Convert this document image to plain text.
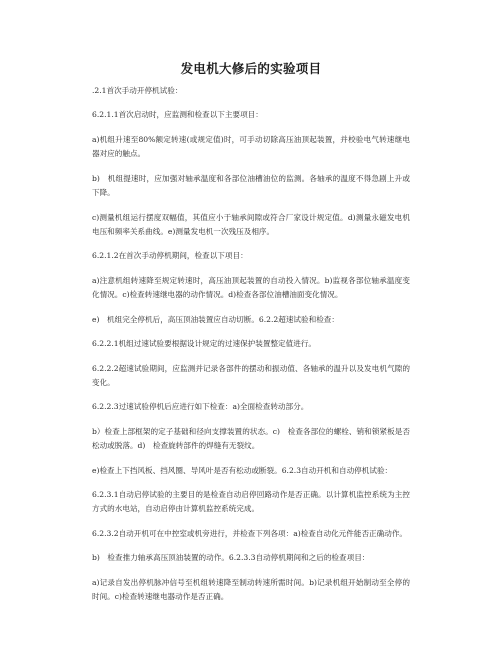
发电机大修后的实验项目

.2.1首次手动开停机试验：

6.2.1.1首次启动时，应监测和检查以下主要项目：

a)机组升速至80%额定转速(或规定值)时，可手动切除高压油顶起装置，并校验电气转速继电器对应的触点。

b)　机组提速时，应加强对轴承温度和各部位油槽油位的监测。各轴承的温度不得急剧上升或下降。

c)测量机组运行摆度双幅值，其值应小于轴承间隙或符合厂家设计规定值。d)测量永磁发电机电压和频率关系曲线。e)测量发电机一次残压及相序。

6.2.1.2在首次手动停机期间，检查以下项目：

a)注意机组转速降至规定转速时，高压油顶起装置的自动投入情况。b)监视各部位轴承温度变化情况。c)检查转速继电器的动作情况。d)检查各部位油槽油面变化情况。

e)　机组完全停机后，高压顶油装置应自动切断。6.2.2超速试验和检查：

6.2.2.1机组过速试验要根据设计规定的过速保护装置整定值进行。

6.2.2.2超速试验期间，应监测并记录各部件的摆动和振动值、各轴承的温升以及发电机气隙的变化。

6.2.2.3过速试验停机后应进行如下检查：a)全面检查转动部分。

b）检查上部框架的定子基础和径向支撑装置的状态。c)　检查各部位的螺栓、销和锁紧板是否松动或脱落。d)　检查旋转部件的焊缝有无裂纹。

e)检查上下挡风板、挡风圈、导风叶是否有松动或断裂。6.2.3自动开机和自动停机试验：

6.2.3.1自动启停试验的主要目的是检查自动启停回路动作是否正确。以计算机监控系统为主控方式的水电站，自动启停由计算机监控系统完成。

6.2.3.2自动开机可在中控室或机旁进行，并检查下列各项：a)检查自动化元件能否正确动作。

b)　检查推力轴承高压顶油装置的动作。6.2.3.3自动停机期间和之后的检查项目：

a)记录自发出停机脉冲信号至机组转速降至制动转速所需时间。b)记录机组开始制动至全停的时间。c)检查转速继电器动作是否正确。
